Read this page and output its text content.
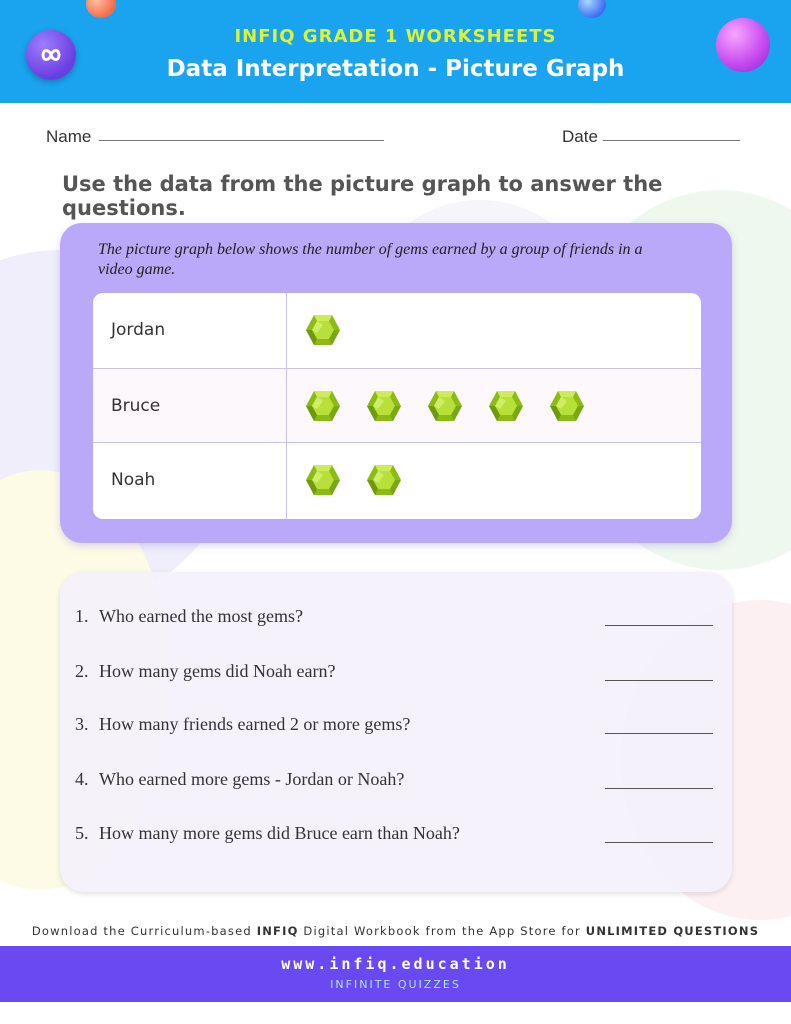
INFIQ GRADE 1 WORKSHEETS
Data Interpretation - Picture Graph
Name	Date
Use the data from the picture graph to answer the questions.
The picture graph below shows the number of gems earned by a group of friends in a video game.
Jordan
Bruce
Noah
1. Who earned the most gems?
2. How many gems did Noah earn?
3. How many friends earned 2 or more gems?
4. Who earned more gems - Jordan or Noah?
5. How many more gems did Bruce earn than Noah?
Download the Curriculum-based INFIQ Digital Workbook from the App Store for UNLIMITED QUESTIONS
www.infiq.education
INFINITE QUIZZES
